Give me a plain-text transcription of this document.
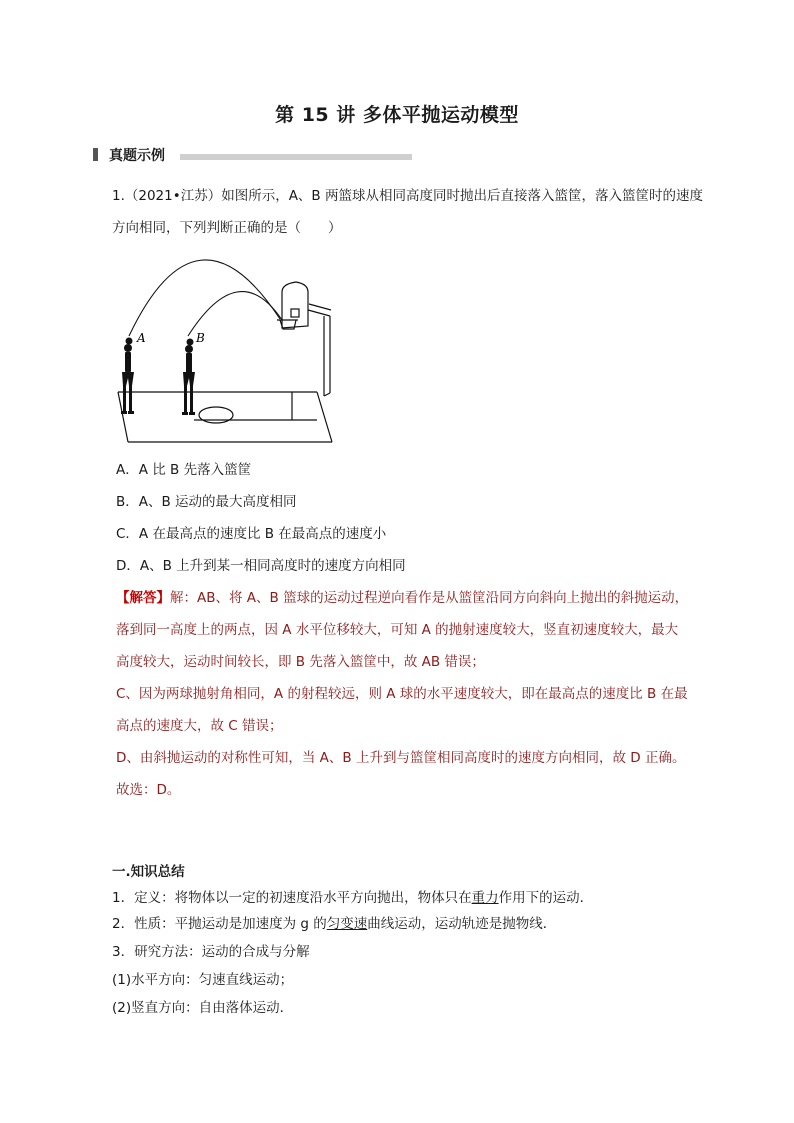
第 15 讲 多体平抛运动模型
真题示例
1.（2021•江苏）如图所示，A、B 两篮球从相同高度同时抛出后直接落入篮筐，落入篮筐时的速度
方向相同，下列判断正确的是（　　）
A	B
A．A 比 B 先落入篮筐
B．A、B 运动的最大高度相同
C．A 在最高点的速度比 B 在最高点的速度小
D．A、B 上升到某一相同高度时的速度方向相同
【解答】解：AB、将 A、B 篮球的运动过程逆向看作是从篮筐沿同方向斜向上抛出的斜抛运动，
落到同一高度上的两点，因 A 水平位移较大，可知 A 的抛射速度较大，竖直初速度较大，最大
高度较大，运动时间较长，即 B 先落入篮筐中，故 AB 错误；
C、因为两球抛射角相同，A 的射程较远，则 A 球的水平速度较大，即在最高点的速度比 B 在最
高点的速度大，故 C 错误；
D、由斜抛运动的对称性可知，当 A、B 上升到与篮筐相同高度时的速度方向相同，故 D 正确。
故选：D。
一.知识总结
1．定义：将物体以一定的初速度沿水平方向抛出，物体只在重力作用下的运动．
2．性质：平抛运动是加速度为 g 的匀变速曲线运动，运动轨迹是抛物线．
3．研究方法：运动的合成与分解
(1)水平方向：匀速直线运动；
(2)竖直方向：自由落体运动．
